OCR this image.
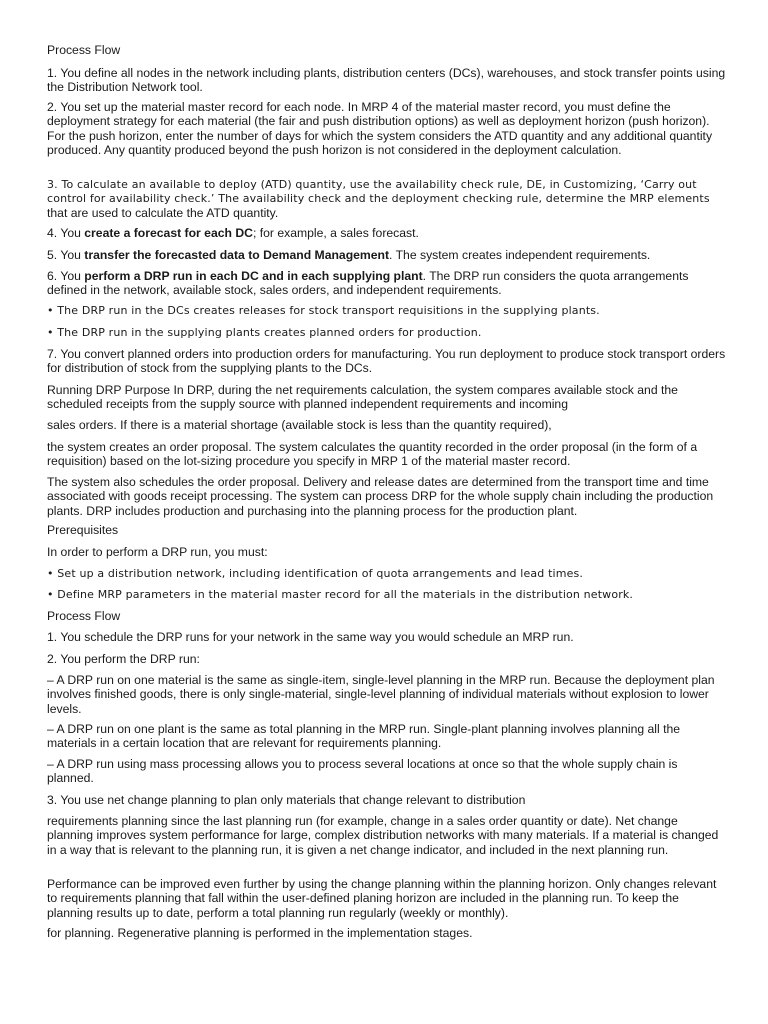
Process Flow

1. You define all nodes in the network including plants, distribution centers (DCs), warehouses, and stock transfer points using the Distribution Network tool.

2. You set up the material master record for each node. In MRP 4 of the material master record, you must define the deployment strategy for each material (the fair and push distribution options) as well as deployment horizon (push horizon). For the push horizon, enter the number of days for which the system considers the ATD quantity and any additional quantity produced. Any quantity produced beyond the push horizon is not considered in the deployment calculation.

3. To calculate an available to deploy (ATD) quantity, use the availability check rule, DE, in Customizing, ‘Carry out control for availability check.’ The availability check and the deployment checking rule, determine the MRP elements

that are used to calculate the ATD quantity.

4. You create a forecast for each DC; for example, a sales forecast.

5. You transfer the forecasted data to Demand Management. The system creates independent requirements.

6. You perform a DRP run in each DC and in each supplying plant. The DRP run considers the quota arrangements defined in the network, available stock, sales orders, and independent requirements.

• The DRP run in the DCs creates releases for stock transport requisitions in the supplying plants.

• The DRP run in the supplying plants creates planned orders for production.

7. You convert planned orders into production orders for manufacturing. You run deployment to produce stock transport orders for distribution of stock from the supplying plants to the DCs.

Running DRP Purpose In DRP, during the net requirements calculation, the system compares available stock and the scheduled receipts from the supply source with planned independent requirements and incoming

sales orders. If there is a material shortage (available stock is less than the quantity required),

the system creates an order proposal. The system calculates the quantity recorded in the order proposal (in the form of a requisition) based on the lot-sizing procedure you specify in MRP 1 of the material master record.

The system also schedules the order proposal. Delivery and release dates are determined from the transport time and time associated with goods receipt processing. The system can process DRP for the whole supply chain including the production plants. DRP includes production and purchasing into the planning process for the production plant.

Prerequisites

In order to perform a DRP run, you must:

• Set up a distribution network, including identification of quota arrangements and lead times.

• Define MRP parameters in the material master record for all the materials in the distribution network.

Process Flow

1. You schedule the DRP runs for your network in the same way you would schedule an MRP run.

2. You perform the DRP run:

– A DRP run on one material is the same as single-item, single-level planning in the MRP run. Because the deployment plan involves finished goods, there is only single-material, single-level planning of individual materials without explosion to lower levels.

– A DRP run on one plant is the same as total planning in the MRP run. Single-plant planning involves planning all the materials in a certain location that are relevant for requirements planning.

– A DRP run using mass processing allows you to process several locations at once so that the whole supply chain is planned.

3. You use net change planning to plan only materials that change relevant to distribution

requirements planning since the last planning run (for example, change in a sales order quantity or date). Net change planning improves system performance for large, complex distribution networks with many materials. If a material is changed in a way that is relevant to the planning run, it is given a net change indicator, and included in the next planning run.

Performance can be improved even further by using the change planning within the planning horizon. Only changes relevant to requirements planning that fall within the user-defined planing horizon are included in the planning run. To keep the planning results up to date, perform a total planning run regularly (weekly or monthly).

for planning. Regenerative planning is performed in the implementation stages.
